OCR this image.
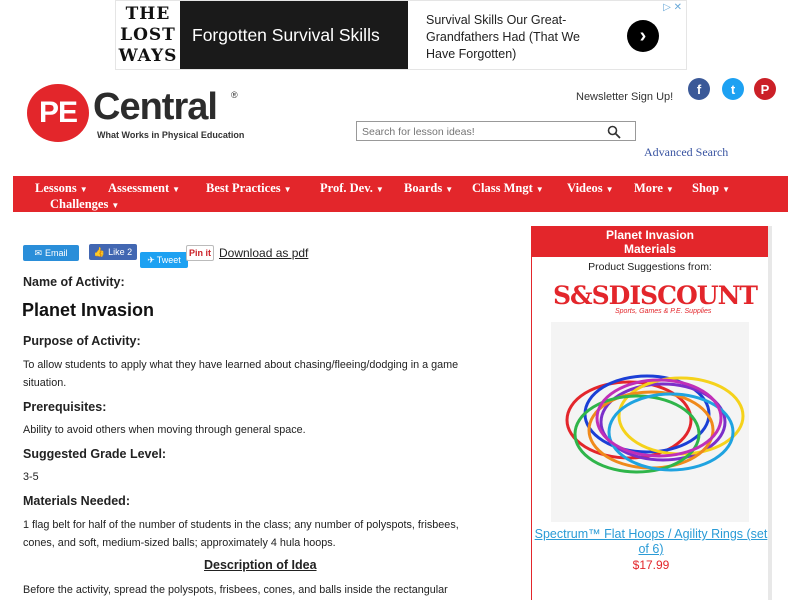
THE
LOST
WAYS
Forgotten Survival Skills
Survival Skills Our Great-Grandfathers Had (That We Have Forgotten)
›
▷ ✕
PE Central ®
What Works in Physical Education
Newsletter Sign Up!
f	t	P
Search for lesson ideas!
Advanced Search
Lessons ▼ Assessment ▼ Best Practices ▼ Prof. Dev. ▼ Boards ▼ Class Mngt ▼ Videos ▼ More ▼ Shop ▼
Challenges ▼
✉ Email	👍 Like 2
✈ Tweet
Pin it Download as pdf
Name of Activity:
Planet Invasion
Purpose of Activity:
To allow students to apply what they have learned about chasing/fleeing/dodging in a game situation.
Prerequisites:
Ability to avoid others when moving through general space.
Suggested Grade Level:
3-5
Materials Needed:
1 flag belt for half of the number of students in the class; any number of polyspots, frisbees, cones, and soft, medium-sized balls; approximately 4 hula hoops.
Description of Idea
Before the activity, spread the polyspots, frisbees, cones, and balls inside the rectangular
Planet Invasion
Materials
Product Suggestions from:
S&SDISCOUNT
Sports, Games & P.E. Supplies
Spectrum™ Flat Hoops / Agility Rings (set of 6)
$17.99
